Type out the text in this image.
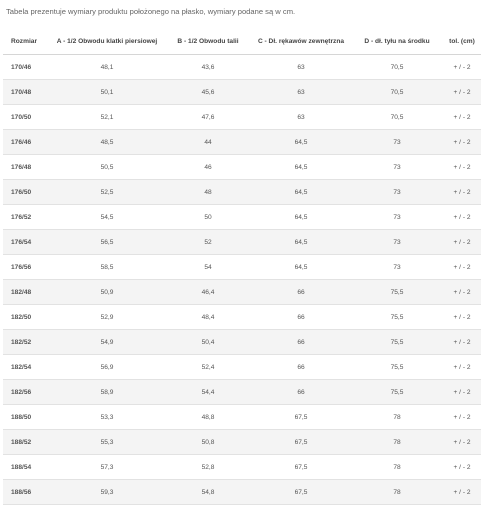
Tabela prezentuje wymiary produktu położonego na płasko, wymiary podane są w cm.
Rozmiar	A - 1/2 Obwodu klatki piersiowej	B - 1/2 Obwodu talii	C - Dł. rękawów zewnętrzna	D - dł. tyłu na środku	tol. (cm)
170/46	48,1	43,6	63	70,5	+ / - 2
170/48	50,1	45,6	63	70,5	+ / - 2
170/50	52,1	47,6	63	70,5	+ / - 2
176/46	48,5	44	64,5	73	+ / - 2
176/48	50,5	46	64,5	73	+ / - 2
176/50	52,5	48	64,5	73	+ / - 2
176/52	54,5	50	64,5	73	+ / - 2
176/54	56,5	52	64,5	73	+ / - 2
176/56	58,5	54	64,5	73	+ / - 2
182/48	50,9	46,4	66	75,5	+ / - 2
182/50	52,9	48,4	66	75,5	+ / - 2
182/52	54,9	50,4	66	75,5	+ / - 2
182/54	56,9	52,4	66	75,5	+ / - 2
182/56	58,9	54,4	66	75,5	+ / - 2
188/50	53,3	48,8	67,5	78	+ / - 2
188/52	55,3	50,8	67,5	78	+ / - 2
188/54	57,3	52,8	67,5	78	+ / - 2
188/56	59,3	54,8	67,5	78	+ / - 2
